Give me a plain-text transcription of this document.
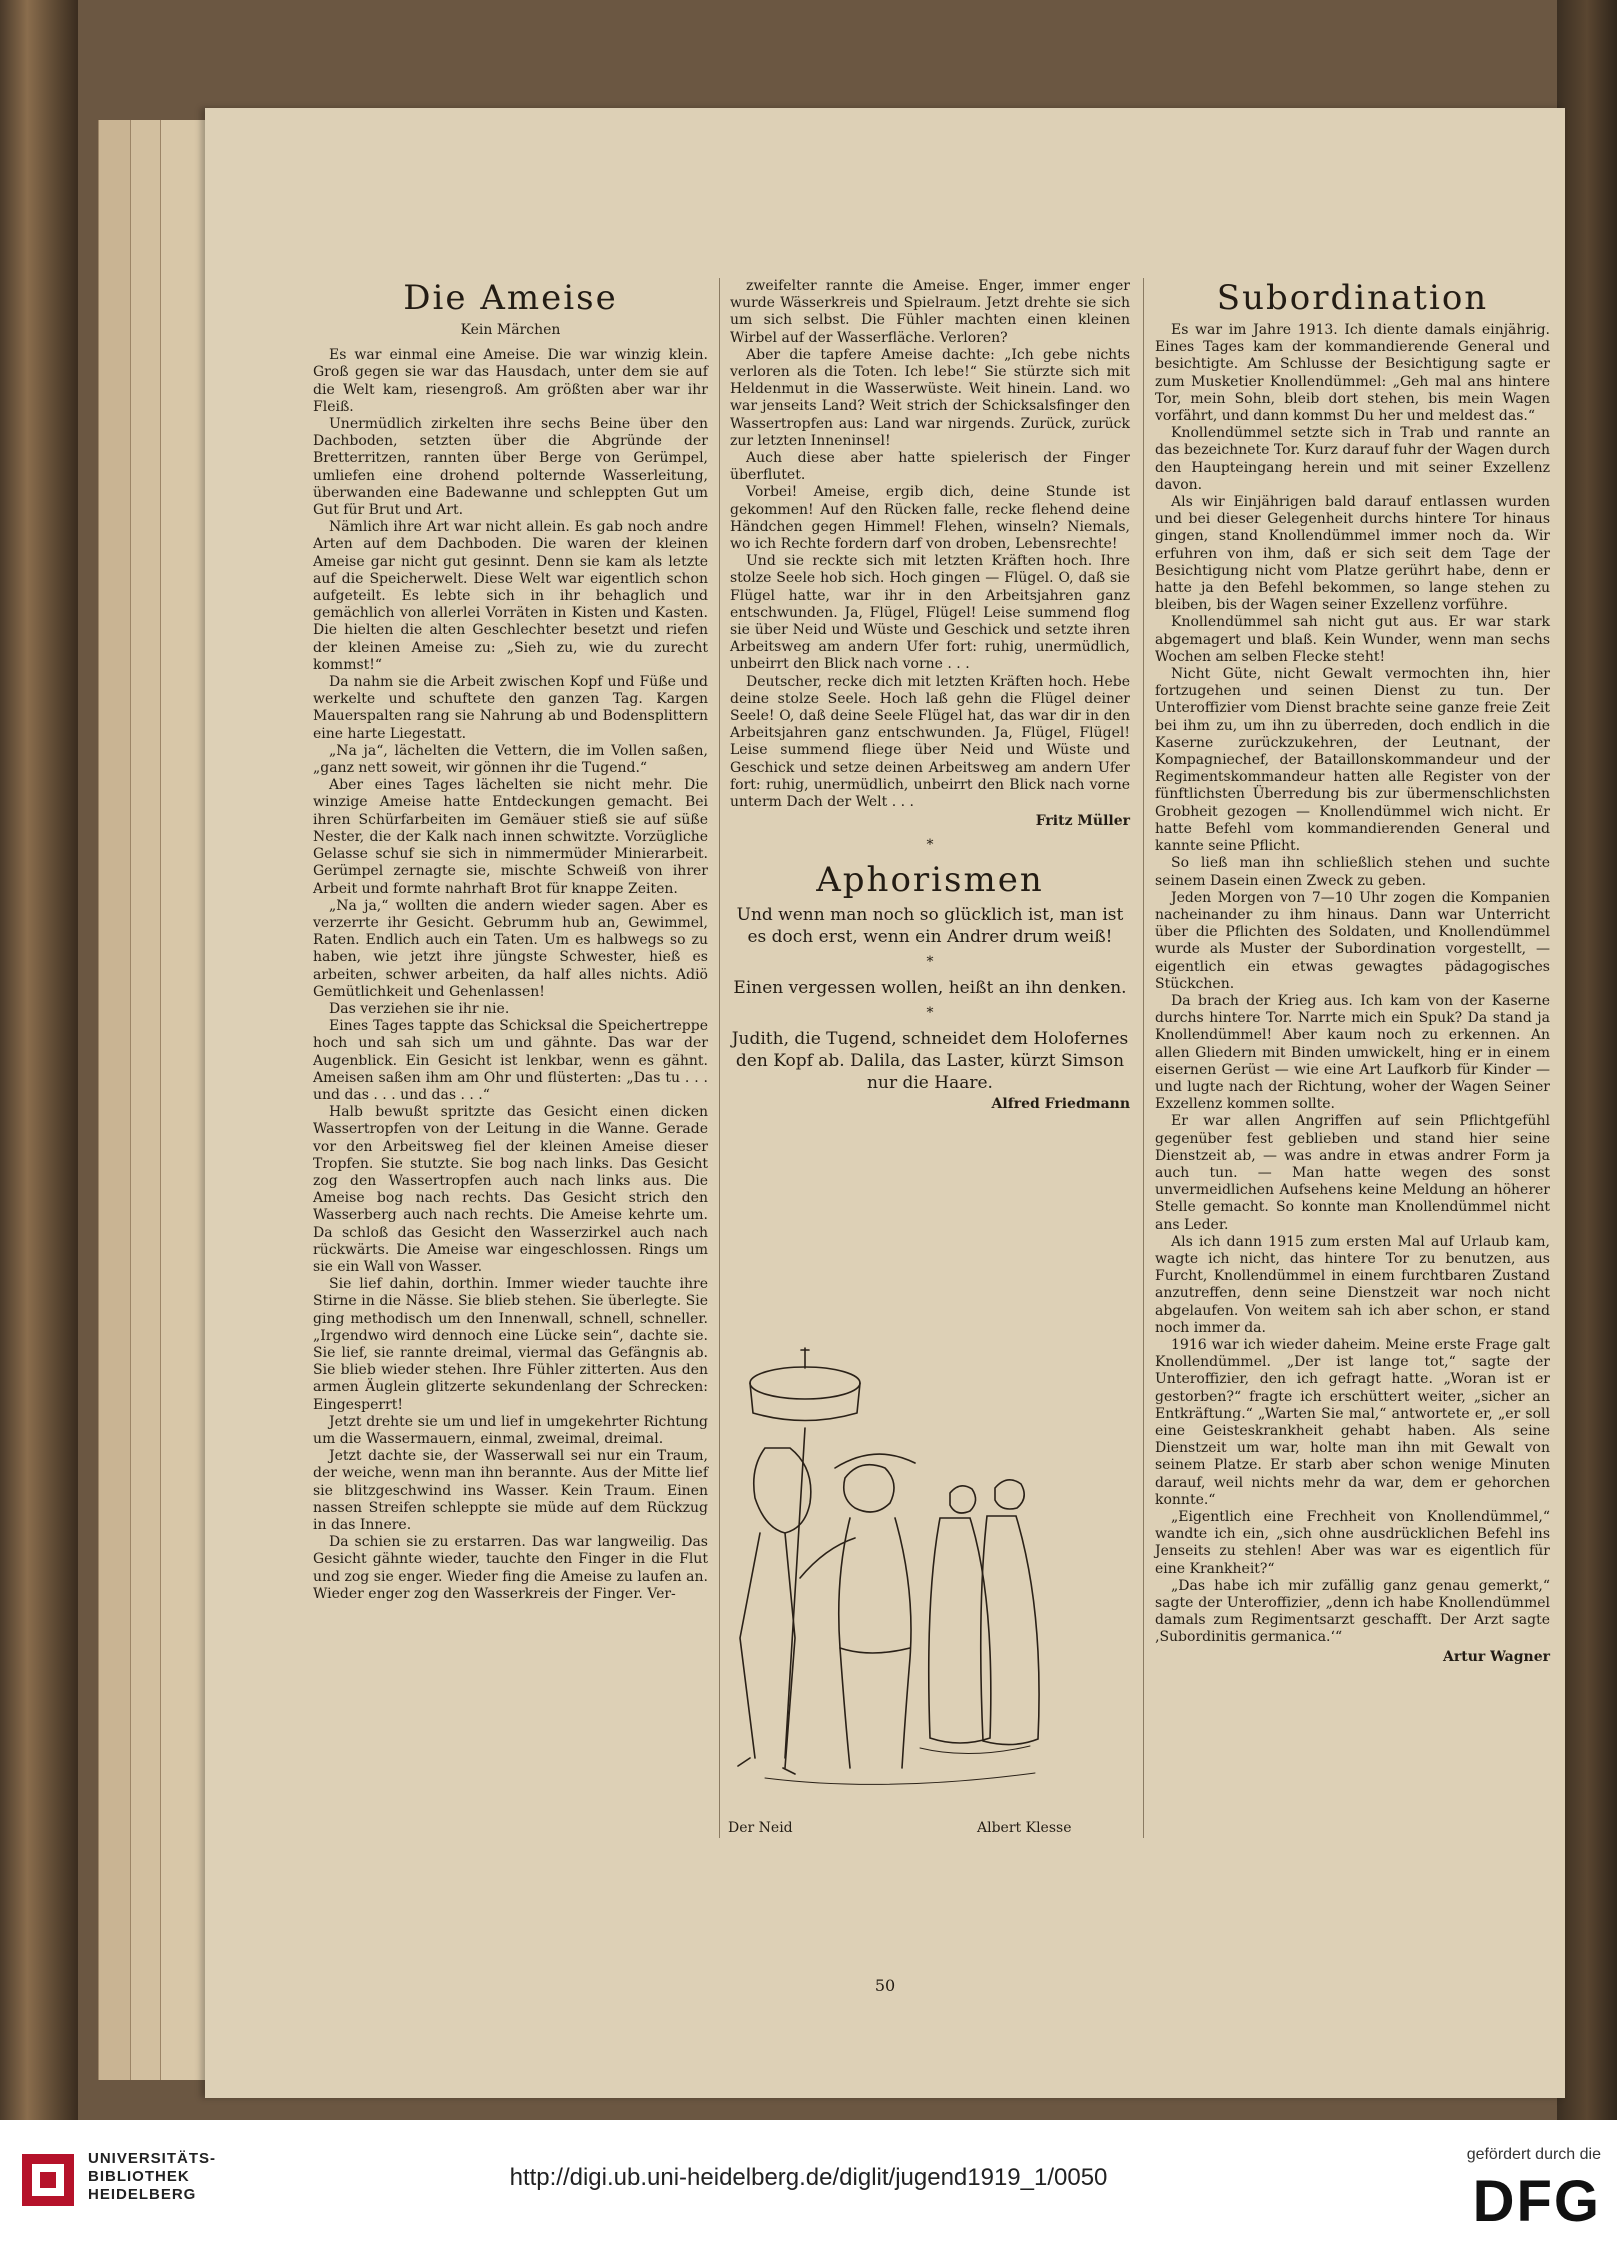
Die Ameise
Kein Märchen

Es war einmal eine Ameise. Die war winzig klein. Groß gegen sie war das Hausdach, unter dem sie auf die Welt kam, riesengroß. Am größten aber war ihr Fleiß.

Unermüdlich zirkelten ihre sechs Beine über den Dachboden, setzten über die Abgründe der Bretterritzen, rannten über Berge von Gerümpel, umliefen eine drohend polternde Wasserleitung, überwanden eine Badewanne und schleppten Gut um Gut für Brut und Art.

Nämlich ihre Art war nicht allein. Es gab noch andre Arten auf dem Dachboden. Die waren der kleinen Ameise gar nicht gut gesinnt. Denn sie kam als letzte auf die Speicherwelt. Diese Welt war eigentlich schon aufgeteilt. Es lebte sich in ihr behaglich und gemächlich von allerlei Vorräten in Kisten und Kasten. Die hielten die alten Geschlechter besetzt und riefen der kleinen Ameise zu: „Sieh zu, wie du zurecht kommst!“

Da nahm sie die Arbeit zwischen Kopf und Füße und werkelte und schuftete den ganzen Tag. Kargen Mauerspalten rang sie Nahrung ab und Bodensplittern eine harte Liegestatt.

„Na ja“, lächelten die Vettern, die im Vollen saßen, „ganz nett soweit, wir gönnen ihr die Tugend.“

Aber eines Tages lächelten sie nicht mehr. Die winzige Ameise hatte Entdeckungen gemacht. Bei ihren Schürfarbeiten im Gemäuer stieß sie auf süße Nester, die der Kalk nach innen schwitzte. Vorzügliche Gelasse schuf sie sich in nimmermüder Minierarbeit. Gerümpel zernagte sie, mischte Schweiß von ihrer Arbeit und formte nahrhaft Brot für knappe Zeiten.

„Na ja,“ wollten die andern wieder sagen. Aber es verzerrte ihr Gesicht. Gebrumm hub an, Gewimmel, Raten. Endlich auch ein Taten. Um es halbwegs so zu haben, wie jetzt ihre jüngste Schwester, hieß es arbeiten, schwer arbeiten, da half alles nichts. Adiö Gemütlichkeit und Gehenlassen!

Das verziehen sie ihr nie.

Eines Tages tappte das Schicksal die Speichertreppe hoch und sah sich um und gähnte. Das war der Augenblick. Ein Gesicht ist lenkbar, wenn es gähnt. Ameisen saßen ihm am Ohr und flüsterten: „Das tu . . . und das . . . und das . . .“

Halb bewußt spritzte das Gesicht einen dicken Wassertropfen von der Leitung in die Wanne. Gerade vor den Arbeitsweg fiel der kleinen Ameise dieser Tropfen. Sie stutzte. Sie bog nach links. Das Gesicht zog den Wassertropfen auch nach links aus. Die Ameise bog nach rechts. Das Gesicht strich den Wasserberg auch nach rechts. Die Ameise kehrte um. Da schloß das Gesicht den Wasserzirkel auch nach rückwärts. Die Ameise war eingeschlossen. Rings um sie ein Wall von Wasser.

Sie lief dahin, dorthin. Immer wieder tauchte ihre Stirne in die Nässe. Sie blieb stehen. Sie überlegte. Sie ging methodisch um den Innenwall, schnell, schneller. „Irgendwo wird dennoch eine Lücke sein“, dachte sie. Sie lief, sie rannte dreimal, viermal das Gefängnis ab. Sie blieb wieder stehen. Ihre Fühler zitterten. Aus den armen Äuglein glitzerte sekundenlang der Schrecken: Eingesperrt!

Jetzt drehte sie um und lief in umgekehrter Richtung um die Wassermauern, einmal, zweimal, dreimal.

Jetzt dachte sie, der Wasserwall sei nur ein Traum, der weiche, wenn man ihn berannte. Aus der Mitte lief sie blitzgeschwind ins Wasser. Kein Traum. Einen nassen Streifen schleppte sie müde auf dem Rückzug in das Innere.

Da schien sie zu erstarren. Das war langweilig. Das Gesicht gähnte wieder, tauchte den Finger in die Flut und zog sie enger. Wieder fing die Ameise zu laufen an. Wieder enger zog den Wasserkreis der Finger. Ver-

zweifelter rannte die Ameise. Enger, immer enger wurde Wässerkreis und Spielraum. Jetzt drehte sie sich um sich selbst. Die Fühler machten einen kleinen Wirbel auf der Wasserfläche. Verloren?

Aber die tapfere Ameise dachte: „Ich gebe nichts verloren als die Toten. Ich lebe!“ Sie stürzte sich mit Heldenmut in die Wasserwüste. Weit hinein. Land. wo war jenseits Land? Weit strich der Schicksalsfinger den Wassertropfen aus: Land war nirgends. Zurück, zurück zur letzten Inneninsel!

Auch diese aber hatte spielerisch der Finger überflutet.

Vorbei! Ameise, ergib dich, deine Stunde ist gekommen! Auf den Rücken falle, recke flehend deine Händchen gegen Himmel! Flehen, winseln? Niemals, wo ich Rechte fordern darf von droben, Lebensrechte!

Und sie reckte sich mit letzten Kräften hoch. Ihre stolze Seele hob sich. Hoch gingen — Flügel. O, daß sie Flügel hatte, war ihr in den Arbeitsjahren ganz entschwunden. Ja, Flügel, Flügel! Leise summend flog sie über Neid und Wüste und Geschick und setzte ihren Arbeitsweg am andern Ufer fort: ruhig, unermüdlich, unbeirrt den Blick nach vorne . . .

Deutscher, recke dich mit letzten Kräften hoch. Hebe deine stolze Seele. Hoch laß gehn die Flügel deiner Seele! O, daß deine Seele Flügel hat, das war dir in den Arbeitsjahren ganz entschwunden. Ja, Flügel, Flügel! Leise summend fliege über Neid und Wüste und Geschick und setze deinen Arbeitsweg am andern Ufer fort: ruhig, unermüdlich, unbeirrt den Blick nach vorne unterm Dach der Welt . . .

Fritz Müller
*
Aphorismen
Und wenn man noch so glücklich ist, man ist es doch erst, wenn ein Andrer drum weiß!
*
Einen vergessen wollen, heißt an ihn denken.
*
Judith, die Tugend, schneidet dem Holofernes den Kopf ab. Dalila, das Laster, kürzt Simson nur die Haare.
Alfred Friedmann
Subordination

Es war im Jahre 1913. Ich diente damals einjährig. Eines Tages kam der kommandierende General und besichtigte. Am Schlusse der Besichtigung sagte er zum Musketier Knollendümmel: „Geh mal ans hintere Tor, mein Sohn, bleib dort stehen, bis mein Wagen vorfährt, und dann kommst Du her und meldest das.“

Knollendümmel setzte sich in Trab und rannte an das bezeichnete Tor. Kurz darauf fuhr der Wagen durch den Haupteingang herein und mit seiner Exzellenz davon.

Als wir Einjährigen bald darauf entlassen wurden und bei dieser Gelegenheit durchs hintere Tor hinaus gingen, stand Knollendümmel immer noch da. Wir erfuhren von ihm, daß er sich seit dem Tage der Besichtigung nicht vom Platze gerührt habe, denn er hatte ja den Befehl bekommen, so lange stehen zu bleiben, bis der Wagen seiner Exzellenz vorführe.

Knollendümmel sah nicht gut aus. Er war stark abgemagert und blaß. Kein Wunder, wenn man sechs Wochen am selben Flecke steht!

Nicht Güte, nicht Gewalt vermochten ihn, hier fortzugehen und seinen Dienst zu tun. Der Unteroffizier vom Dienst brachte seine ganze freie Zeit bei ihm zu, um ihn zu überreden, doch endlich in die Kaserne zurückzukehren, der Leutnant, der Kompagniechef, der Bataillonskommandeur und der Regimentskommandeur hatten alle Register von der fünftlichsten Überredung bis zur übermenschlichsten Grobheit gezogen — Knollendümmel wich nicht. Er hatte Befehl vom kommandierenden General und kannte seine Pflicht.

So ließ man ihn schließlich stehen und suchte seinem Dasein einen Zweck zu geben.

Jeden Morgen von 7—10 Uhr zogen die Kompanien nacheinander zu ihm hinaus. Dann war Unterricht über die Pflichten des Soldaten, und Knollendümmel wurde als Muster der Subordination vorgestellt, — eigentlich ein etwas gewagtes pädagogisches Stückchen.

Da brach der Krieg aus. Ich kam von der Kaserne durchs hintere Tor. Narrte mich ein Spuk? Da stand ja Knollendümmel! Aber kaum noch zu erkennen. An allen Gliedern mit Binden umwickelt, hing er in einem eisernen Gerüst — wie eine Art Laufkorb für Kinder — und lugte nach der Richtung, woher der Wagen Seiner Exzellenz kommen sollte.

Er war allen Angriffen auf sein Pflichtgefühl gegenüber fest geblieben und stand hier seine Dienstzeit ab, — was andre in etwas andrer Form ja auch tun. — Man hatte wegen des sonst unvermeidlichen Aufsehens keine Meldung an höherer Stelle gemacht. So konnte man Knollendümmel nicht ans Leder.

Als ich dann 1915 zum ersten Mal auf Urlaub kam, wagte ich nicht, das hintere Tor zu benutzen, aus Furcht, Knollendümmel in einem furchtbaren Zustand anzutreffen, denn seine Dienstzeit war noch nicht abgelaufen. Von weitem sah ich aber schon, er stand noch immer da.

1916 war ich wieder daheim. Meine erste Frage galt Knollendümmel. „Der ist lange tot,“ sagte der Unteroffizier, den ich gefragt hatte. „Woran ist er gestorben?“ fragte ich erschüttert weiter, „sicher an Entkräftung.“ „Warten Sie mal,“ antwortete er, „er soll eine Geisteskrankheit gehabt haben. Als seine Dienstzeit um war, holte man ihn mit Gewalt von seinem Platze. Er starb aber schon wenige Minuten darauf, weil nichts mehr da war, dem er gehorchen konnte.“

„Eigentlich eine Frechheit von Knollendümmel,“ wandte ich ein, „sich ohne ausdrücklichen Befehl ins Jenseits zu stehlen! Aber was war es eigentlich für eine Krankheit?“

„Das habe ich mir zufällig ganz genau gemerkt,“ sagte der Unteroffizier, „denn ich habe Knollendümmel damals zum Regimentsarzt geschafft. Der Arzt sagte ‚Subordinitis germanica.‘“

Artur Wagner
Der Neid	Albert Klesse
50
UNIVERSITÄTS-
BIBLIOTHEK
HEIDELBERG
http://digi.ub.uni-heidelberg.de/diglit/jugend1919_1/0050
gefördert durch die
DFG
